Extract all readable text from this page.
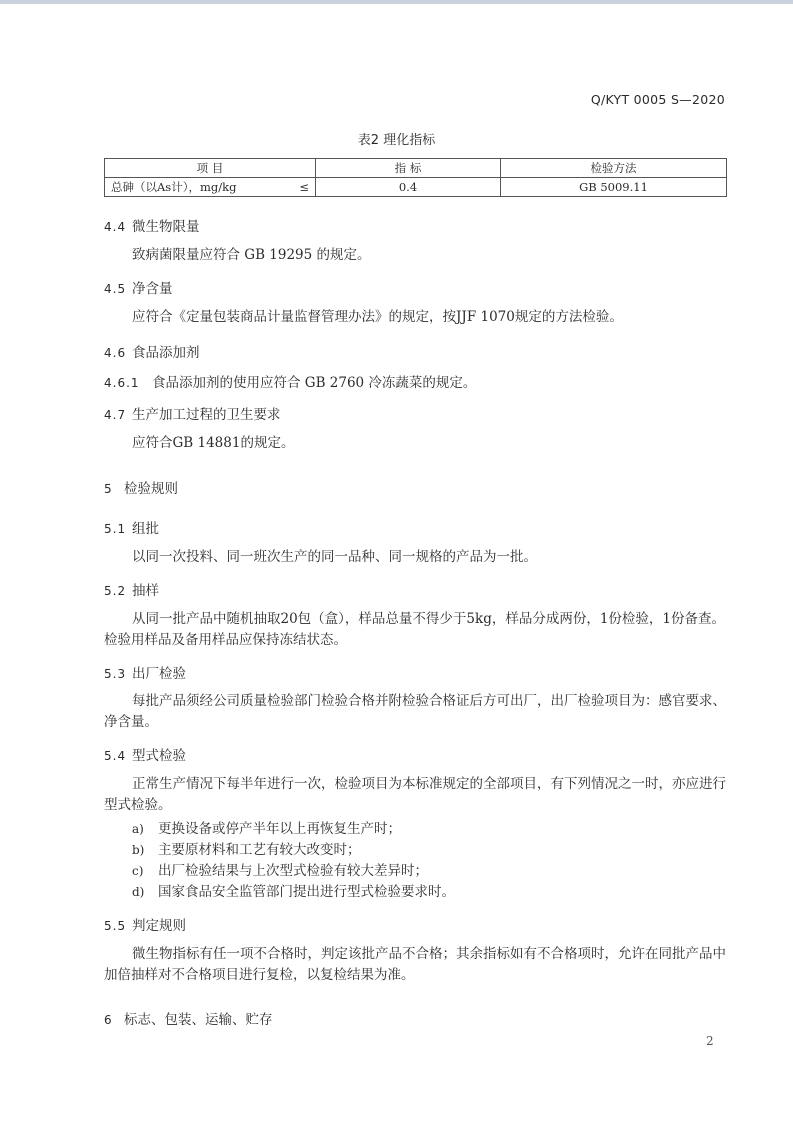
Q/KYT 0005 S—2020
表2 理化指标
项 目	指 标	检验方法

总砷（以As计），mg/kg ≤	0.4	GB 5009.11
4.4 微生物限量
致病菌限量应符合 GB 19295 的规定。
4.5 净含量
应符合《定量包装商品计量监督管理办法》的规定，按JJF 1070规定的方法检验。
4.6 食品添加剂
4.6.1 食品添加剂的使用应符合 GB 2760 冷冻蔬菜的规定。
4.7 生产加工过程的卫生要求
应符合GB 14881的规定。
5 检验规则
5.1 组批
以同一次投料、同一班次生产的同一品种、同一规格的产品为一批。
5.2 抽样
从同一批产品中随机抽取20包（盒），样品总量不得少于5kg，样品分成两份，1份检验，1份备查。检验用样品及备用样品应保持冻结状态。
5.3 出厂检验
每批产品须经公司质量检验部门检验合格并附检验合格证后方可出厂，出厂检验项目为：感官要求、净含量。
5.4 型式检验
正常生产情况下每半年进行一次，检验项目为本标准规定的全部项目，有下列情况之一时，亦应进行型式检验。
a) 更换设备或停产半年以上再恢复生产时；
b) 主要原材料和工艺有较大改变时；
c) 出厂检验结果与上次型式检验有较大差异时；
d) 国家食品安全监管部门提出进行型式检验要求时。
5.5 判定规则
微生物指标有任一项不合格时，判定该批产品不合格；其余指标如有不合格项时，允许在同批产品中加倍抽样对不合格项目进行复检，以复检结果为准。
6 标志、包装、运输、贮存
2
